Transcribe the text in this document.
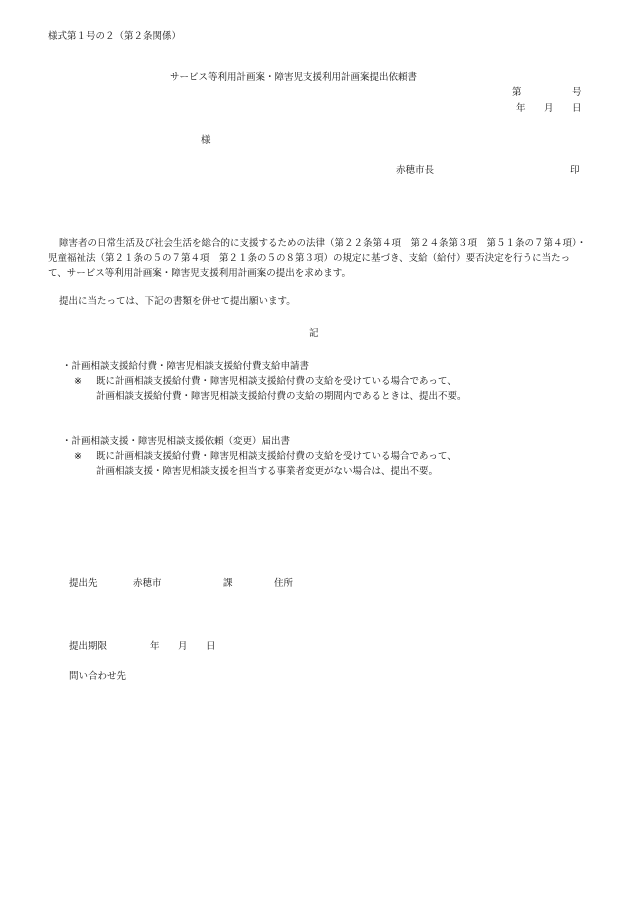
様式第１号の２（第２条関係）
サービス等利用計画案・障害児支援利用計画案提出依頼書
第	号
年 月 日
様
赤穂市長	印
障害者の日常生活及び社会生活を総合的に支援するための法律（第２２条第４項　第２４条第３項　第５１条の７第４項）・児童福祉法（第２１条の５の７第４項　第２１条の５の８第３項）の規定に基づき、支給（給付）要否決定を行うに当たって、サービス等利用計画案・障害児支援利用計画案の提出を求めます。
提出に当たっては、下記の書類を併せて提出願います。
記
・計画相談支援給付費・障害児相談支援給付費支給申請書
※ 既に計画相談支援給付費・障害児相談支援給付費の支給を受けている場合であって、
計画相談支援給付費・障害児相談支援給付費の支給の期間内であるときは、提出不要。
・計画相談支援・障害児相談支援依頼（変更）届出書
※ 既に計画相談支援給付費・障害児相談支援給付費の支給を受けている場合であって、
計画相談支援・障害児相談支援を担当する事業者変更がない場合は、提出不要。
提出先	赤穂市	課	住所
提出期限	年 月 日
問い合わせ先
